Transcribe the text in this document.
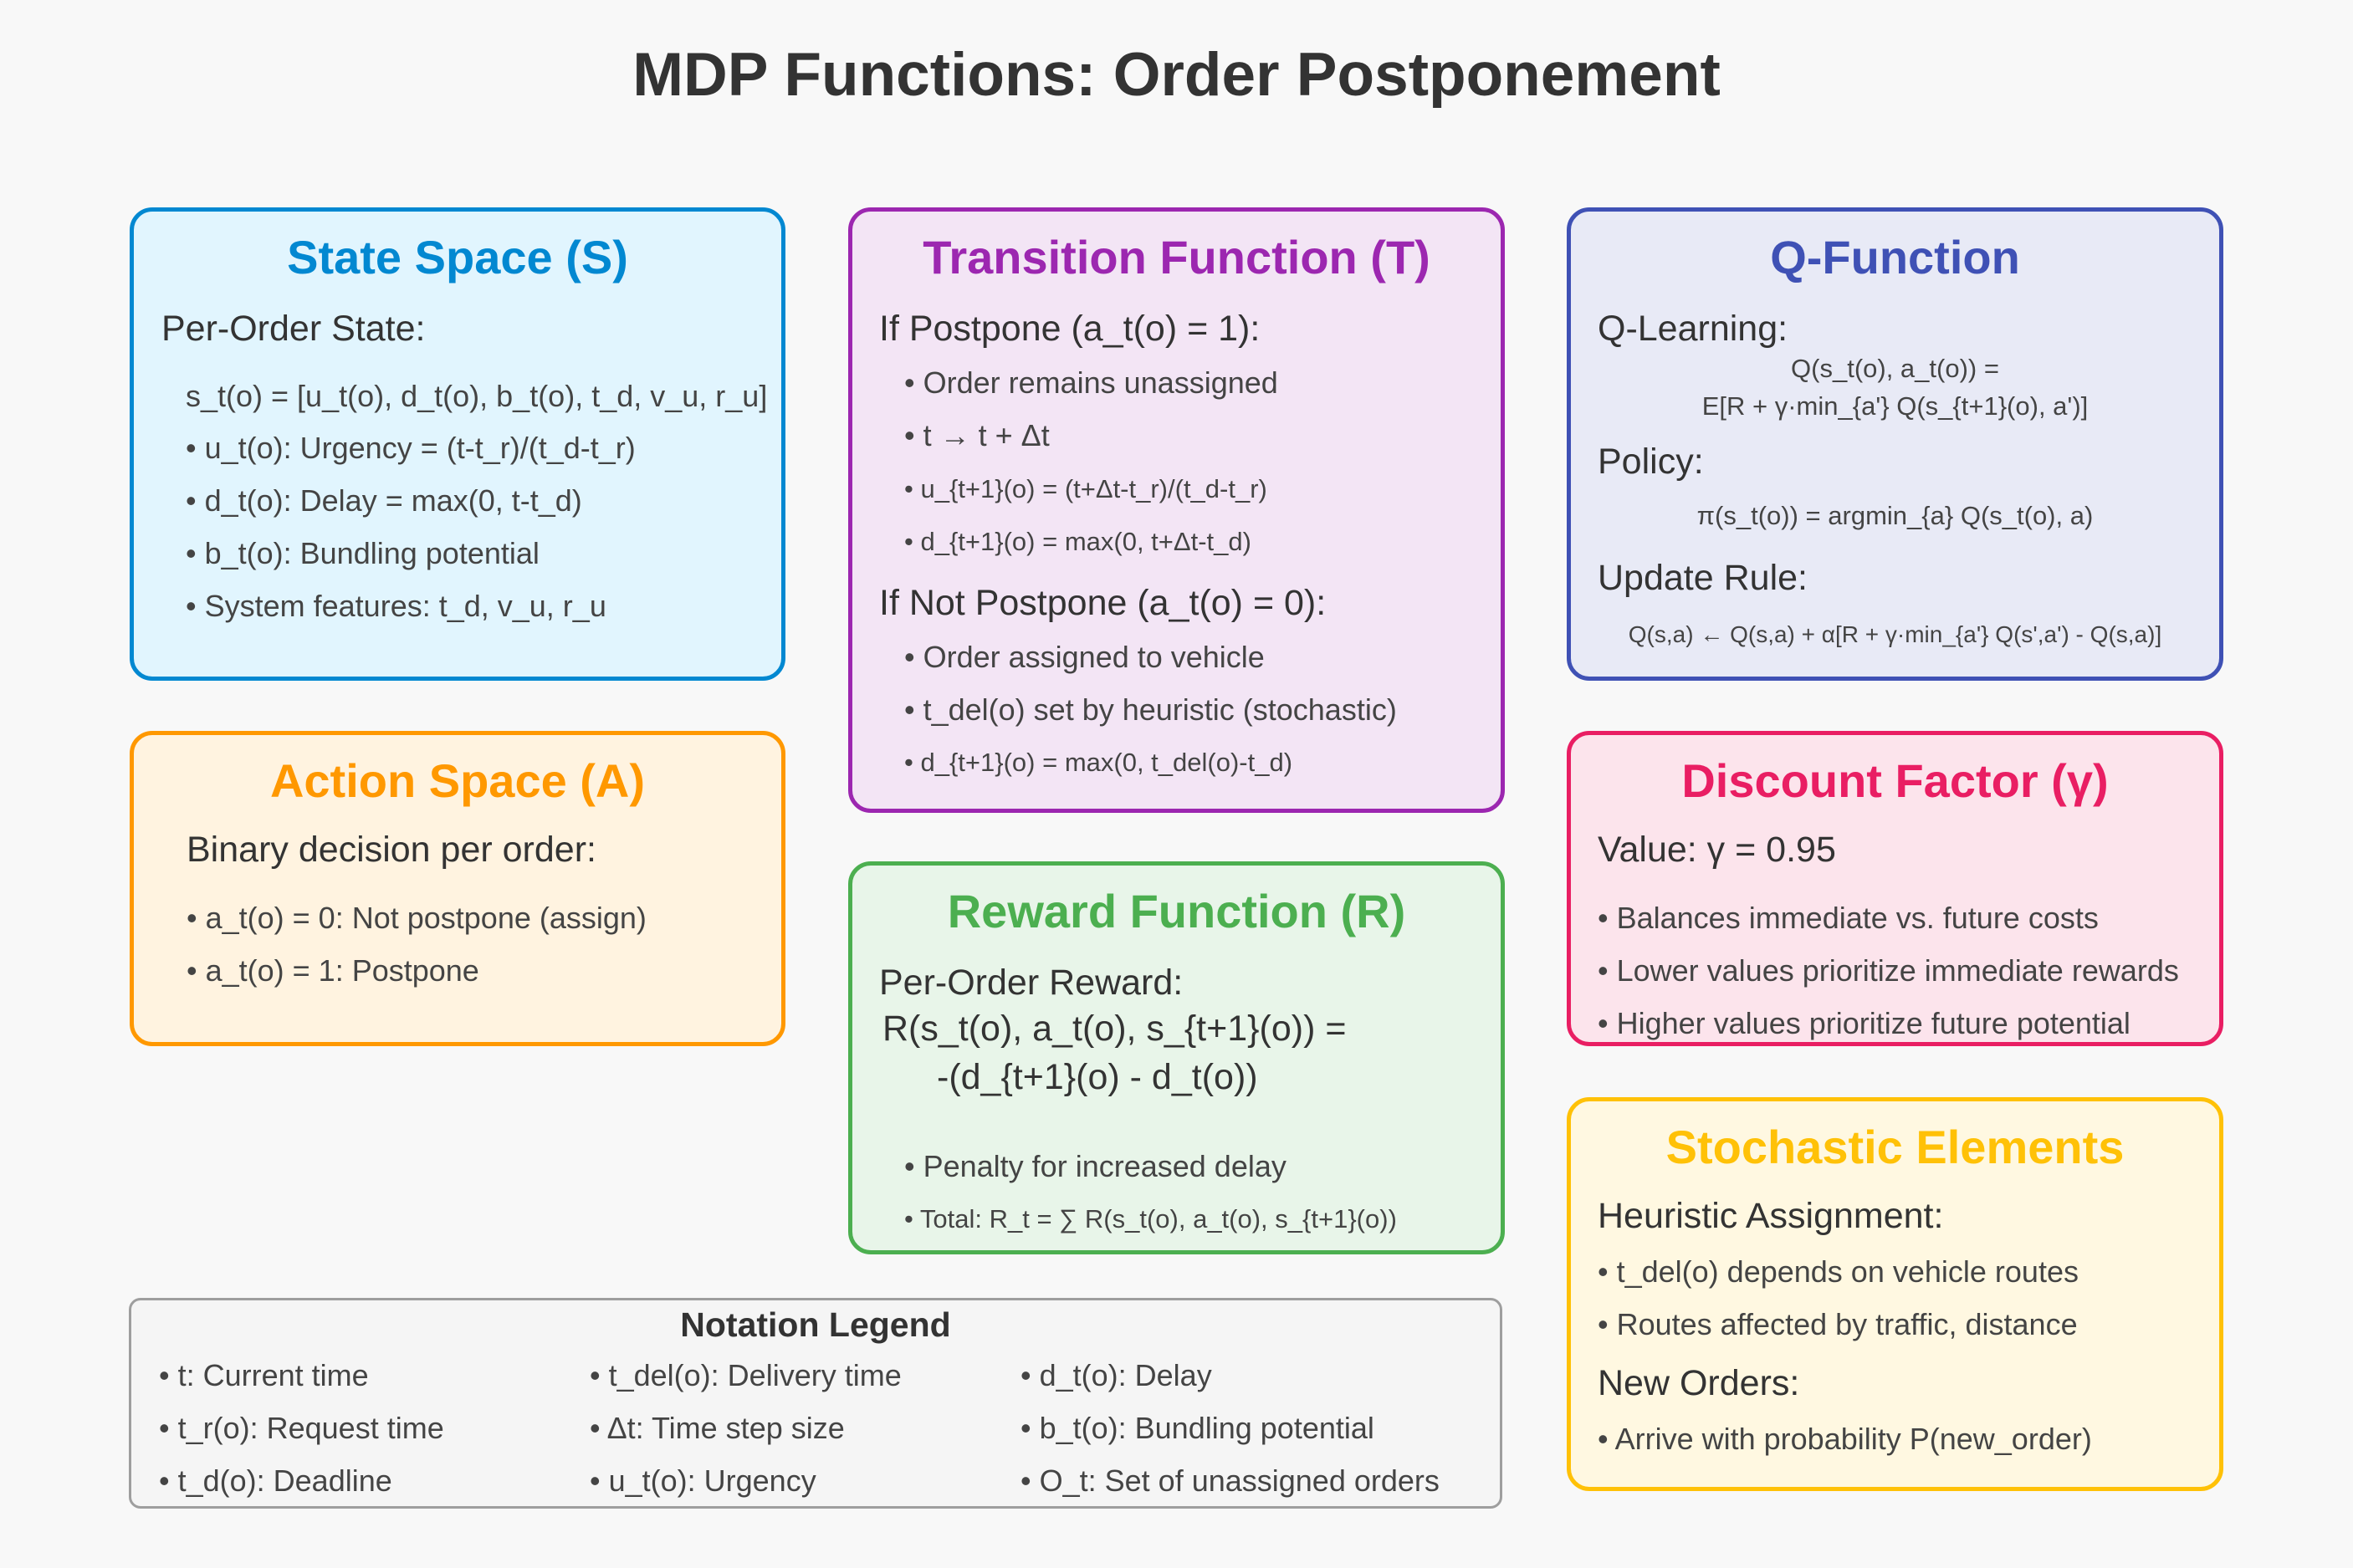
MDP Functions: Order Postponement
State Space (S)
Per-Order State:
s_t(o) = [u_t(o), d_t(o), b_t(o), t_d, v_u, r_u]
• u_t(o): Urgency = (t-t_r)/(t_d-t_r)
• d_t(o): Delay = max(0, t-t_d)
• b_t(o): Bundling potential
• System features: t_d, v_u, r_u
Action Space (A)
Binary decision per order:
• a_t(o) = 0: Not postpone (assign)
• a_t(o) = 1: Postpone
Transition Function (T)
If Postpone (a_t(o) = 1):
• Order remains unassigned
• t → t + Δt
• u_{t+1}(o) = (t+Δt-t_r)/(t_d-t_r)
• d_{t+1}(o) = max(0, t+Δt-t_d)
If Not Postpone (a_t(o) = 0):
• Order assigned to vehicle
• t_del(o) set by heuristic (stochastic)
• d_{t+1}(o) = max(0, t_del(o)-t_d)
Reward Function (R)
Per-Order Reward:
R(s_t(o), a_t(o), s_{t+1}(o)) =
-(d_{t+1}(o) - d_t(o))
• Penalty for increased delay
• Total: R_t = ∑ R(s_t(o), a_t(o), s_{t+1}(o))
Q-Function
Q-Learning:
Q(s_t(o), a_t(o)) =
E[R + γ·min_{a'} Q(s_{t+1}(o), a')]
Policy:
π(s_t(o)) = argmin_{a} Q(s_t(o), a)
Update Rule:
Q(s,a) ← Q(s,a) + α[R + γ·min_{a'} Q(s',a') - Q(s,a)]
Discount Factor (γ)
Value: γ = 0.95
• Balances immediate vs. future costs
• Lower values prioritize immediate rewards
• Higher values prioritize future potential
Stochastic Elements
Heuristic Assignment:
• t_del(o) depends on vehicle routes
• Routes affected by traffic, distance
New Orders:
• Arrive with probability P(new_order)
Notation Legend
• t: Current time
• t_r(o): Request time
• t_d(o): Deadline
• t_del(o): Delivery time
• Δt: Time step size
• u_t(o): Urgency
• d_t(o): Delay
• b_t(o): Bundling potential
• O_t: Set of unassigned orders
